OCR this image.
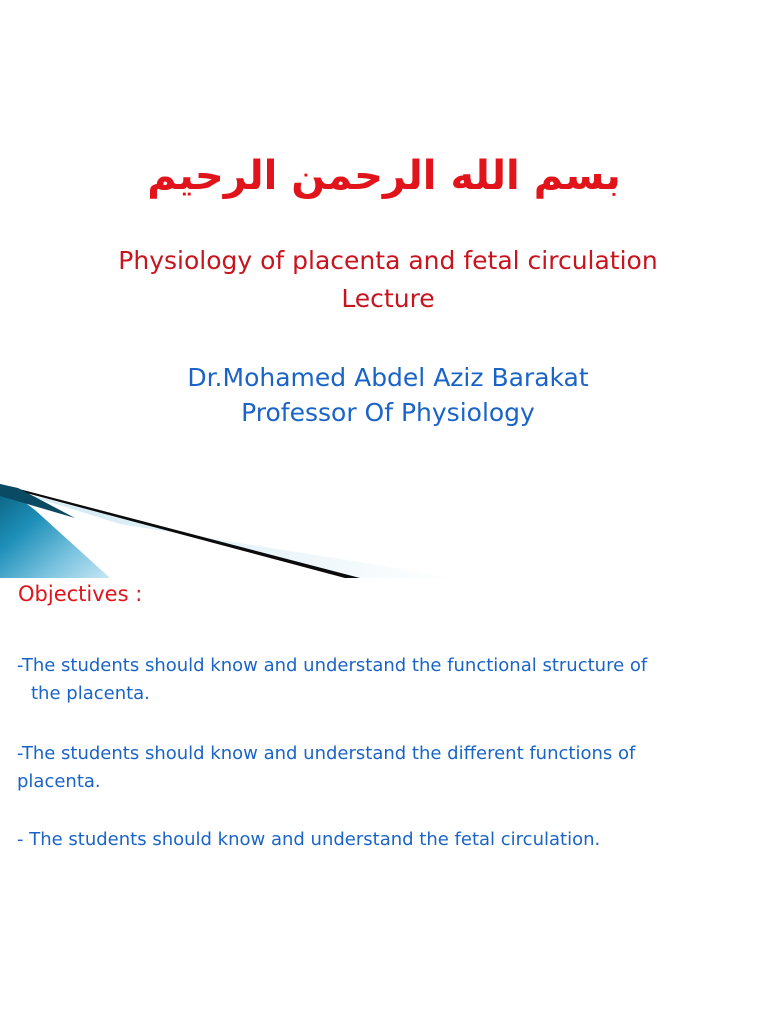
بسم الله الرحمن الرحيم
Physiology of placenta and fetal circulation
Lecture
Dr.Mohamed Abdel Aziz Barakat
Professor Of Physiology
Objectives :
-The students should know and understand the functional structure of
the placenta.
-The students should know and understand the different functions of
placenta.
- The students should know and understand the fetal circulation.
